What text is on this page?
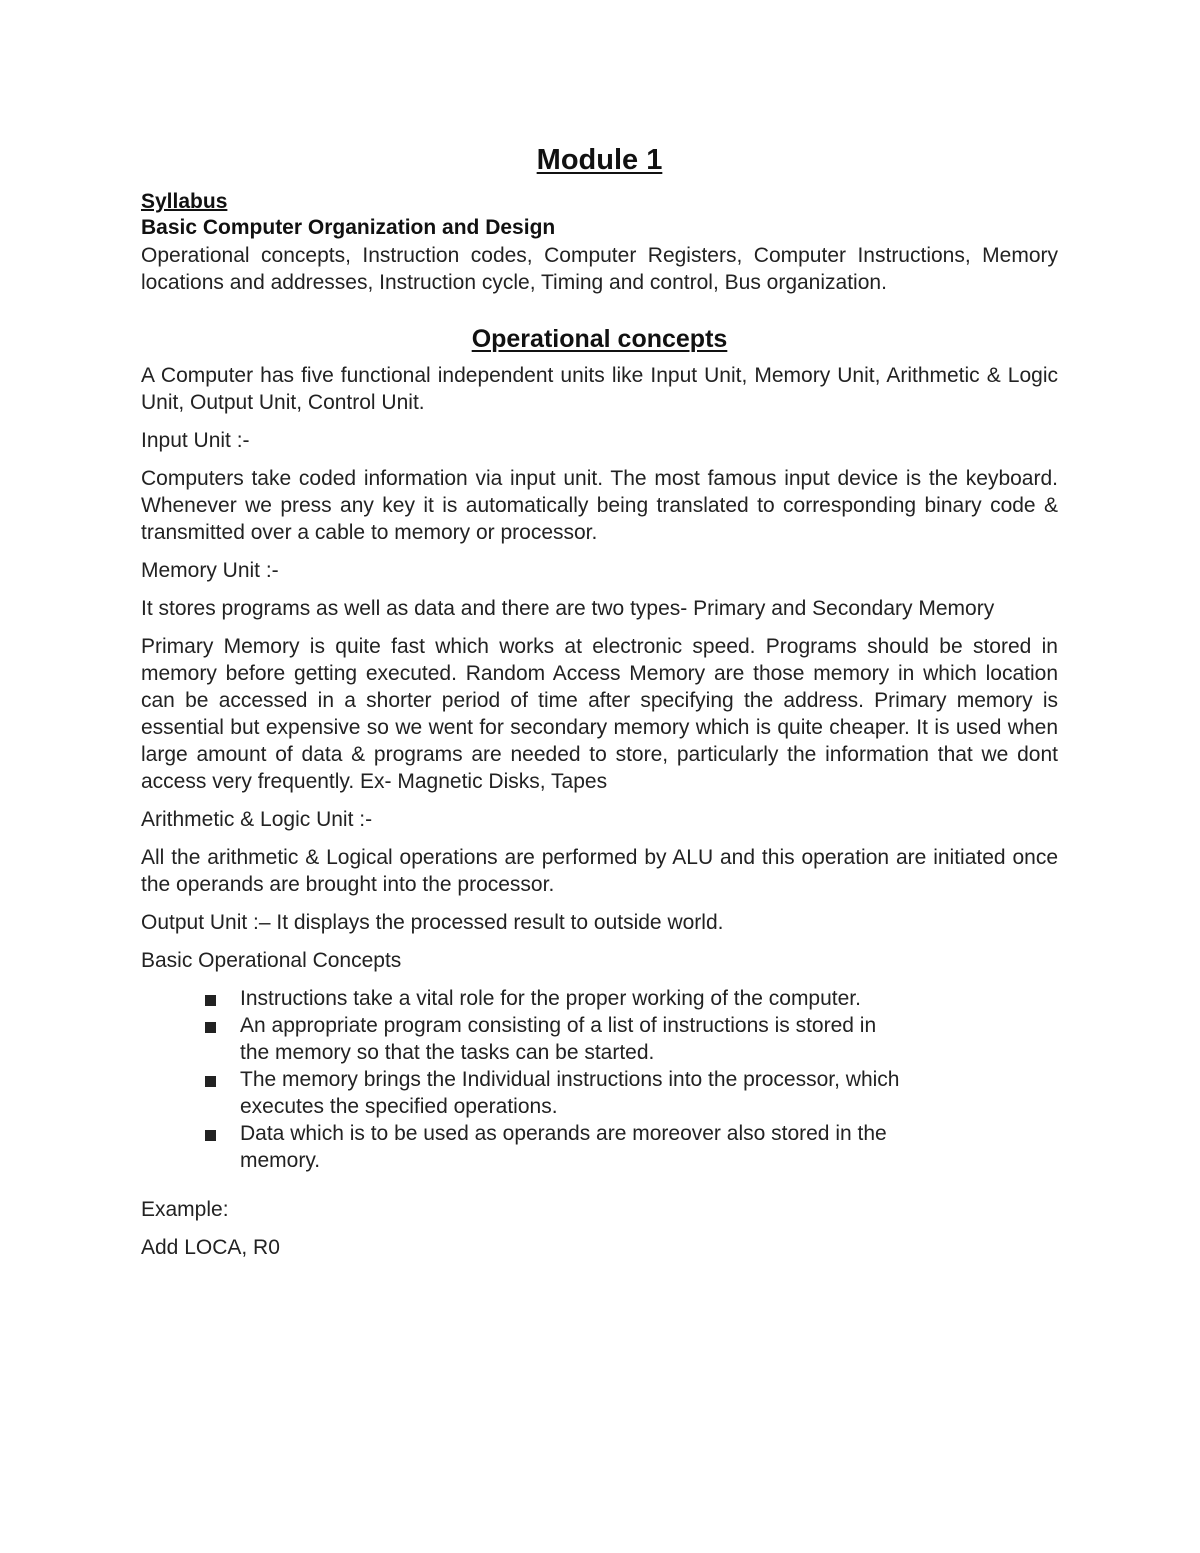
Module 1

Syllabus

Basic Computer Organization and Design

Operational concepts, Instruction codes, Computer Registers, Computer Instructions, Memory locations and addresses, Instruction cycle, Timing and control, Bus organization.

Operational concepts

A Computer has five functional independent units like Input Unit, Memory Unit, Arithmetic & Logic Unit, Output Unit, Control Unit.

Input Unit :-

Computers take coded information via input unit. The most famous input device is the keyboard. Whenever we press any key it is automatically being translated to corresponding binary code & transmitted over a cable to memory or processor.

Memory Unit :-

It stores programs as well as data and there are two types- Primary and Secondary Memory

Primary Memory is quite fast which works at electronic speed. Programs should be stored in memory before getting executed. Random Access Memory are those memory in which location can be accessed in a shorter period of time after specifying the address. Primary memory is essential but expensive so we went for secondary memory which is quite cheaper. It is used when large amount of data & programs are needed to store, particularly the information that we dont access very frequently. Ex- Magnetic Disks, Tapes

Arithmetic & Logic Unit :-

All the arithmetic & Logical operations are performed by ALU and this operation are initiated once the operands are brought into the processor.

Output Unit :– It displays the processed result to outside world.

Basic Operational Concepts

Instructions take a vital role for the proper working of the computer.
An appropriate program consisting of a list of instructions is stored in the memory so that the tasks can be started.
The memory brings the Individual instructions into the processor, which executes the specified operations.
Data which is to be used as operands are moreover also stored in the memory.

Example:

Add LOCA, R0
